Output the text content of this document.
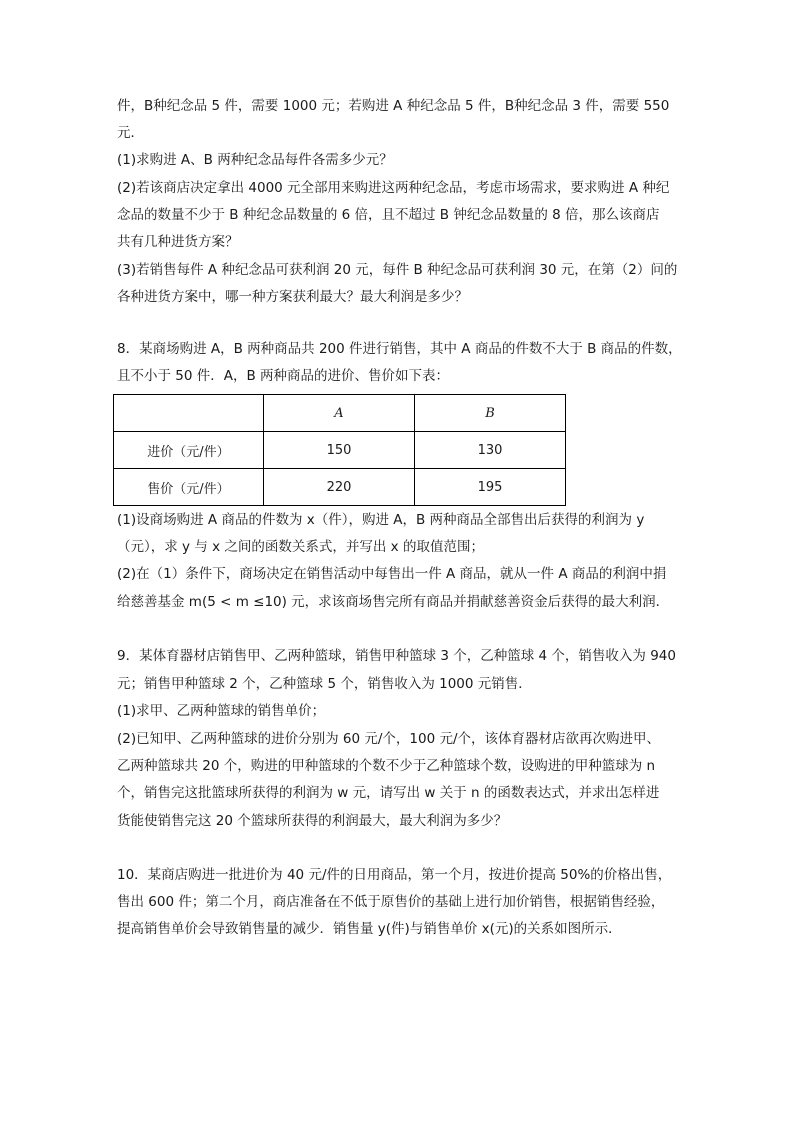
件，B种纪念品 5 件，需要 1000 元；若购进 A 种纪念品 5 件，B种纪念品 3 件，需要 550
元．
(1)求购进 A、B 两种纪念品每件各需多少元？
(2)若该商店决定拿出 4000 元全部用来购进这两种纪念品，考虑市场需求，要求购进 A 种纪
念品的数量不少于 B 种纪念品数量的 6 倍，且不超过 B 钟纪念品数量的 8 倍，那么该商店
共有几种进货方案？
(3)若销售每件 A 种纪念品可获利润 20 元，每件 B 种纪念品可获利润 30 元，在第（2）问的
各种进货方案中，哪一种方案获利最大？最大利润是多少？
8．某商场购进 A，B 两种商品共 200 件进行销售，其中 A 商品的件数不大于 B 商品的件数，
且不小于 50 件．A，B 两种商品的进价、售价如下表：
	A	B
进价（元/件）	150	130
售价（元/件）	220	195
(1)设商场购进 A 商品的件数为 x（件），购进 A，B 两种商品全部售出后获得的利润为 y
（元），求 y 与 x 之间的函数关系式，并写出 x 的取值范围；
(2)在（1）条件下，商场决定在销售活动中每售出一件 A 商品，就从一件 A 商品的利润中捐
给慈善基金 m(5 < m ≤10) 元，求该商场售完所有商品并捐献慈善资金后获得的最大利润．
9．某体育器材店销售甲、乙两种篮球，销售甲种篮球 3 个，乙种篮球 4 个，销售收入为 940
元；销售甲种篮球 2 个，乙种篮球 5 个，销售收入为 1000 元销售．
(1)求甲、乙两种篮球的销售单价；
(2)已知甲、乙两种篮球的进价分别为 60 元/个，100 元/个，该体育器材店欲再次购进甲、
乙两种篮球共 20 个，购进的甲种篮球的个数不少于乙种篮球个数，设购进的甲种篮球为 n
个，销售完这批篮球所获得的利润为 w 元，请写出 w 关于 n 的函数表达式，并求出怎样进
货能使销售完这 20 个篮球所获得的利润最大，最大利润为多少？
10．某商店购进一批进价为 40 元/件的日用商品，第一个月，按进价提高 50%的价格出售，
售出 600 件；第二个月，商店准备在不低于原售价的基础上进行加价销售，根据销售经验，
提高销售单价会导致销售量的减少．销售量 y(件)与销售单价 x(元)的关系如图所示．
